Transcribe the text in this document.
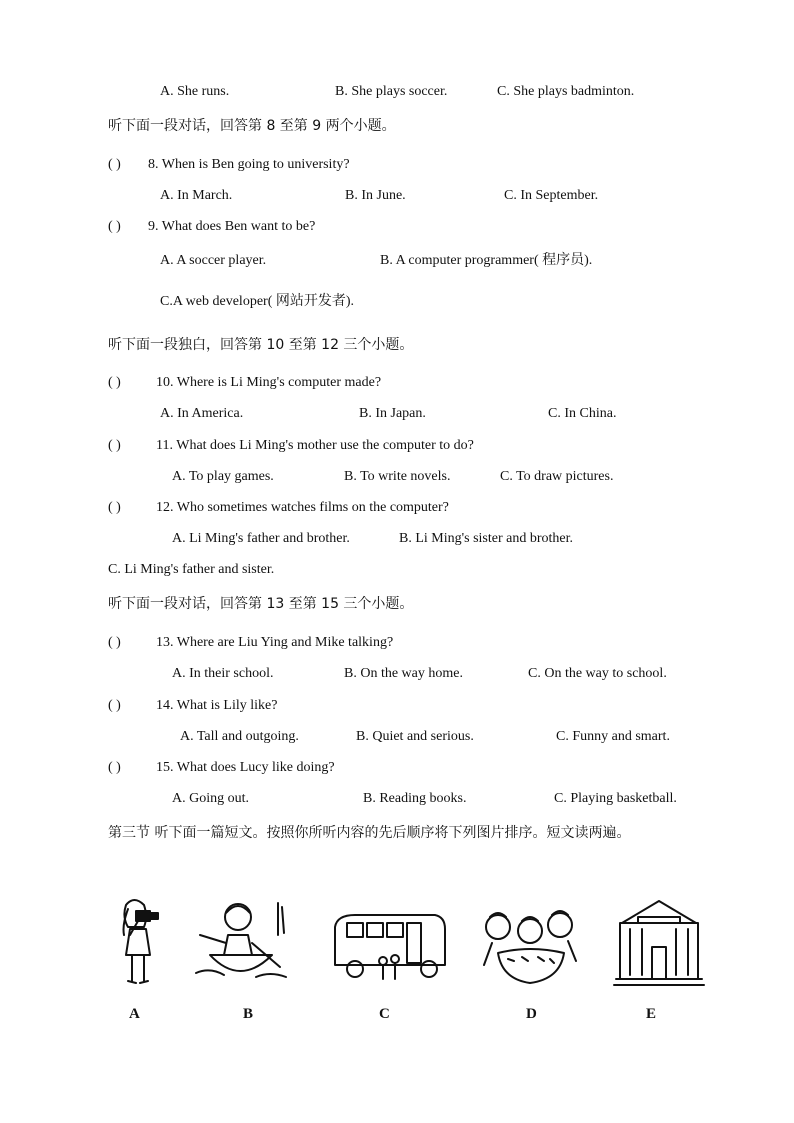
A. She runs.	B. She plays soccer.	C. She plays badminton.
听下面一段对话，回答第 8 至第 9 两个小题。
( ) 8. When is Ben going to university?
A. In March.	B. In June.	C. In September.
( ) 9. What does Ben want to be?
A. A soccer player.	B. A computer programmer( 程序员).
C.A web developer( 网站开发者).
听下面一段独白，回答第 10 至第 12 三个小题。
( )	10. Where is Li Ming's computer made?
A. In America.	B. In Japan.	C. In China.
( )	11. What does Li Ming's mother use the computer to do?
A. To play games.	B. To write novels.	C. To draw pictures.
( )	12. Who sometimes watches films on the computer?
A. Li Ming's father and brother.	B. Li Ming's sister and brother.
C. Li Ming's father and sister.
听下面一段对话，回答第 13 至第 15 三个小题。
( )	13. Where are Liu Ying and Mike talking?
A. In their school.	B. On the way home.	C. On the way to school.
( )	14. What is Lily like?
A. Tall and outgoing.	B. Quiet and serious.	C. Funny and smart.
( )	15. What does Lucy like doing?
A. Going out.	B. Reading books.	C. Playing basketball.
第三节 听下面一篇短文。按照你所听内容的先后顺序将下列图片排序。短文读两遍。
A	B	C	D	E
